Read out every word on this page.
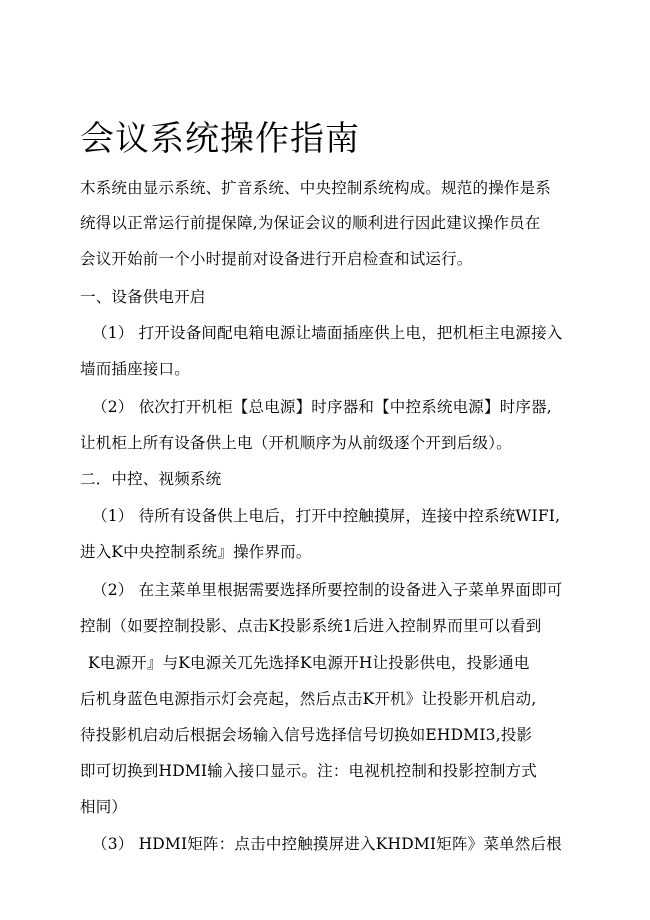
会议系统操作指南
木系统由显示系统、扩音系统、中央控制系统构成。规范的操作是系
统得以正常运行前提保障,为保证会议的顺利进行因此建议操作员在
会议开始前一个小时提前对设备进行开启检查和试运行。
一、设备供电开启
（1） 打开设备间配电箱电源让墙面插座供上电，把机柜主电源接入
墙而插座接口。
（2） 依次打开机柜【总电源】时序器和【中控系统电源】时序器,
让机柜上所有设备供上电（开机顺序为从前级逐个开到后级）。
二．中控、视频系统
（1） 待所有设备供上电后，打开中控触摸屏，连接中控系统WIFI,
进入K中央控制系统』操作界而。
（2） 在主菜单里根据需要选择所要控制的设备进入子菜单界面即可
控制（如要控制投影、点击K投影系统1后进入控制界而里可以看到
K电源开』与K电源关兀先选择K电源开H让投影供电，投影通电
后机身蓝色电源指示灯会亮起，然后点击K开机》让投影开机启动,
待投影机启动后根据会场输入信号选择信号切换如EHDMI3,投影
即可切换到HDMI输入接口显示。注：电视机控制和投影控制方式
相同）
（3） HDMI矩阵：点击中控触摸屏进入KHDMI矩阵》菜单然后根
